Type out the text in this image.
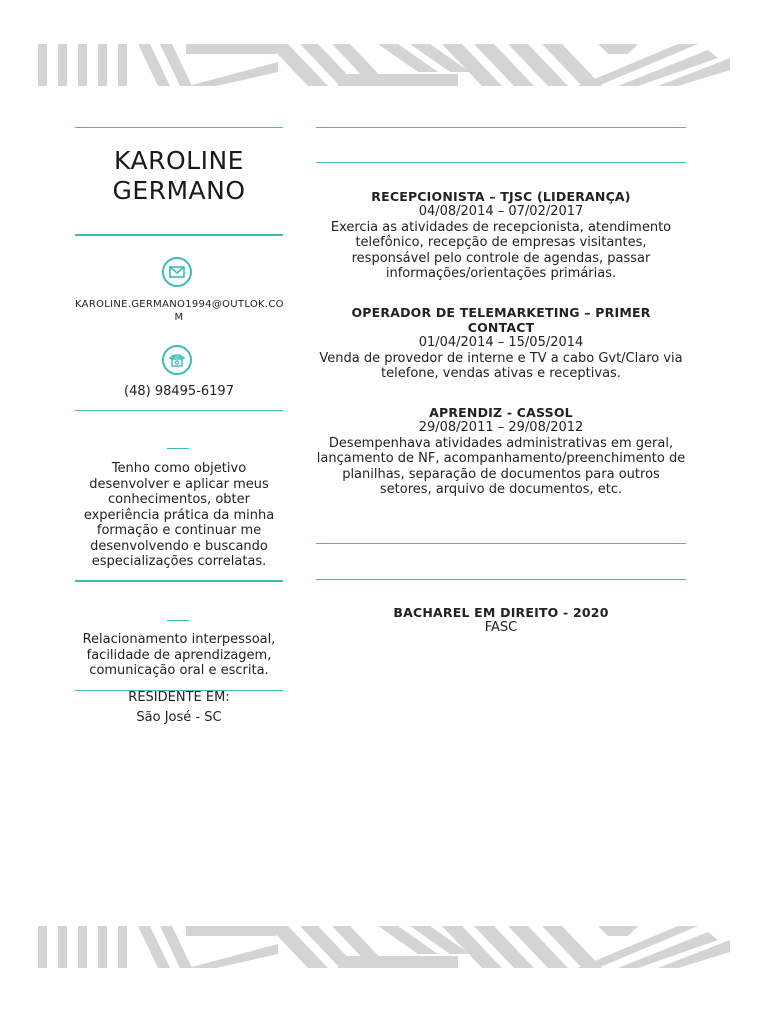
KAROLINE
GERMANO
KAROLINE.GERMANO1994@OUTLOK.CO
M
(48) 98495-6197
Tenho como objetivo
desenvolver e aplicar meus
conhecimentos, obter
experiência prática da minha
formação e continuar me
desenvolvendo e buscando
especializações correlatas.
Relacionamento interpessoal,
facilidade de aprendizagem,
comunicação oral e escrita.
RESIDENTE EM:
São José - SC
RECEPCIONISTA – TJSC (LIDERANÇA)
04/08/2014 – 07/02/2017
Exercia as atividades de recepcionista, atendimento
telefônico, recepção de empresas visitantes,
responsável pelo controle de agendas, passar
informações/orientações primárias.
OPERADOR DE TELEMARKETING – PRIMER
CONTACT
01/04/2014 – 15/05/2014
Venda de provedor de interne e TV a cabo Gvt/Claro via
telefone, vendas ativas e receptivas.
APRENDIZ - CASSOL
29/08/2011 – 29/08/2012
Desempenhava atividades administrativas em geral,
lançamento de NF, acompanhamento/preenchimento de
planilhas, separação de documentos para outros
setores, arquivo de documentos, etc.
BACHAREL EM DIREITO - 2020
FASC
